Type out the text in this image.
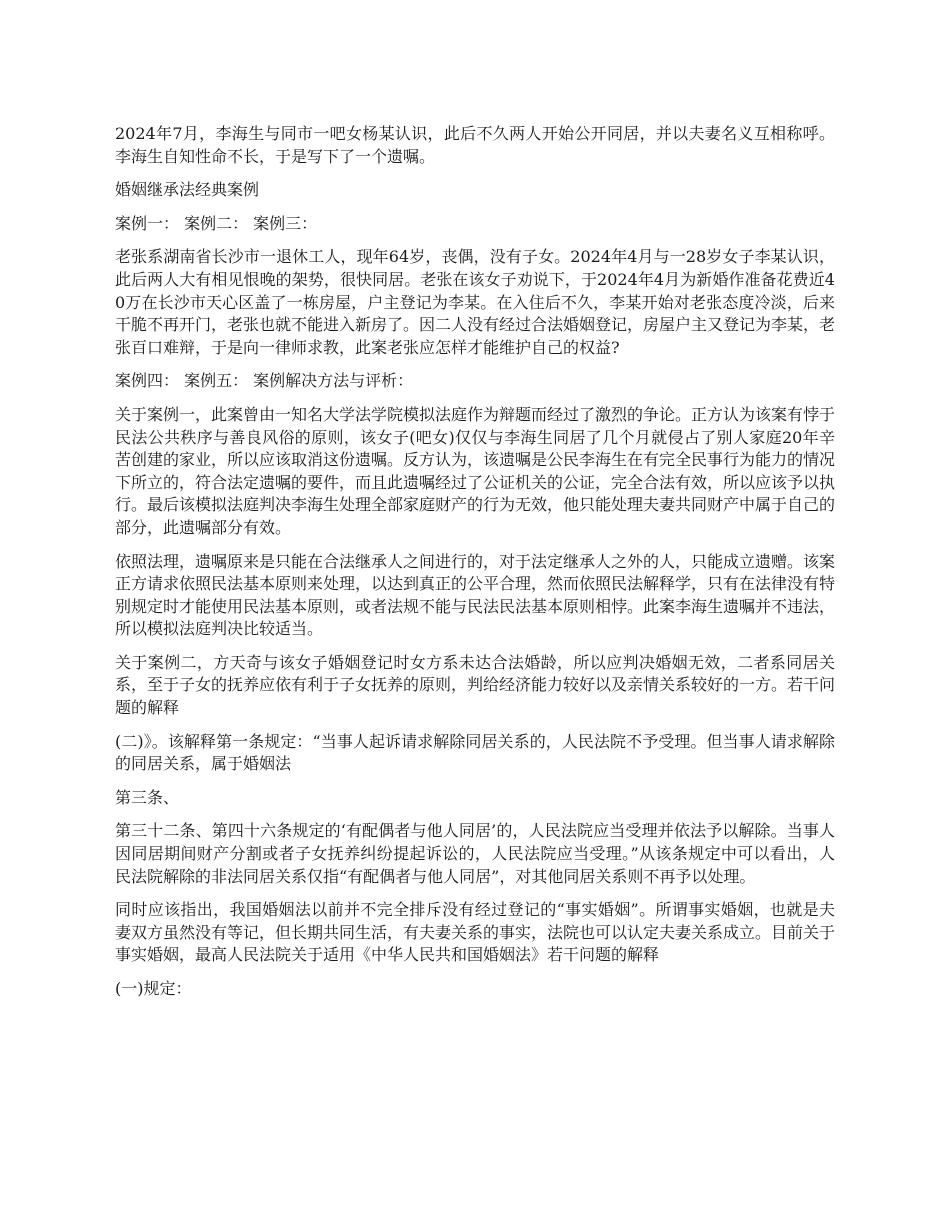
2024年7月，李海生与同市一吧女杨某认识，此后不久两人开始公开同居，并以夫妻名义互相称呼。李海生自知性命不长，于是写下了一个遗嘱。

婚姻继承法经典案例

案例一： 案例二： 案例三：

老张系湖南省长沙市一退休工人，现年64岁，丧偶，没有子女。2024年4月与一28岁女子李某认识，此后两人大有相见恨晚的架势，很快同居。老张在该女子劝说下，于2024年4月为新婚作准备花费近40万在长沙市天心区盖了一栋房屋，户主登记为李某。在入住后不久，李某开始对老张态度冷淡，后来干脆不再开门，老张也就不能进入新房了。因二人没有经过合法婚姻登记，房屋户主又登记为李某，老张百口难辩，于是向一律师求教，此案老张应怎样才能维护自己的权益?

案例四： 案例五： 案例解决方法与评析：

关于案例一，此案曾由一知名大学法学院模拟法庭作为辩题而经过了激烈的争论。正方认为该案有悖于民法公共秩序与善良风俗的原则，该女子(吧女)仅仅与李海生同居了几个月就侵占了别人家庭20年辛苦创建的家业，所以应该取消这份遗嘱。反方认为，该遗嘱是公民李海生在有完全民事行为能力的情况下所立的，符合法定遗嘱的要件，而且此遗嘱经过了公证机关的公证，完全合法有效，所以应该予以执行。最后该模拟法庭判决李海生处理全部家庭财产的行为无效，他只能处理夫妻共同财产中属于自己的部分，此遗嘱部分有效。

依照法理，遗嘱原来是只能在合法继承人之间进行的，对于法定继承人之外的人，只能成立遗赠。该案正方请求依照民法基本原则来处理，以达到真正的公平合理，然而依照民法解释学，只有在法律没有特别规定时才能使用民法基本原则，或者法规不能与民法民法基本原则相悖。此案李海生遗嘱并不违法，所以模拟法庭判决比较适当。

关于案例二，方天奇与该女子婚姻登记时女方系未达合法婚龄，所以应判决婚姻无效，二者系同居关系，至于子女的抚养应依有利于子女抚养的原则，判给经济能力较好以及亲情关系较好的一方。若干问题的解释

(二)》。该解释第一条规定：“当事人起诉请求解除同居关系的，人民法院不予受理。但当事人请求解除的同居关系，属于婚姻法

第三条、

第三十二条、第四十六条规定的‘有配偶者与他人同居’的，人民法院应当受理并依法予以解除。当事人因同居期间财产分割或者子女抚养纠纷提起诉讼的，人民法院应当受理。”从该条规定中可以看出，人民法院解除的非法同居关系仅指“有配偶者与他人同居”，对其他同居关系则不再予以处理。

同时应该指出，我国婚姻法以前并不完全排斥没有经过登记的“事实婚姻”。所谓事实婚姻，也就是夫妻双方虽然没有等记，但长期共同生活，有夫妻关系的事实，法院也可以认定夫妻关系成立。目前关于事实婚姻，最高人民法院关于适用《中华人民共和国婚姻法》若干问题的解释

(一)规定：
